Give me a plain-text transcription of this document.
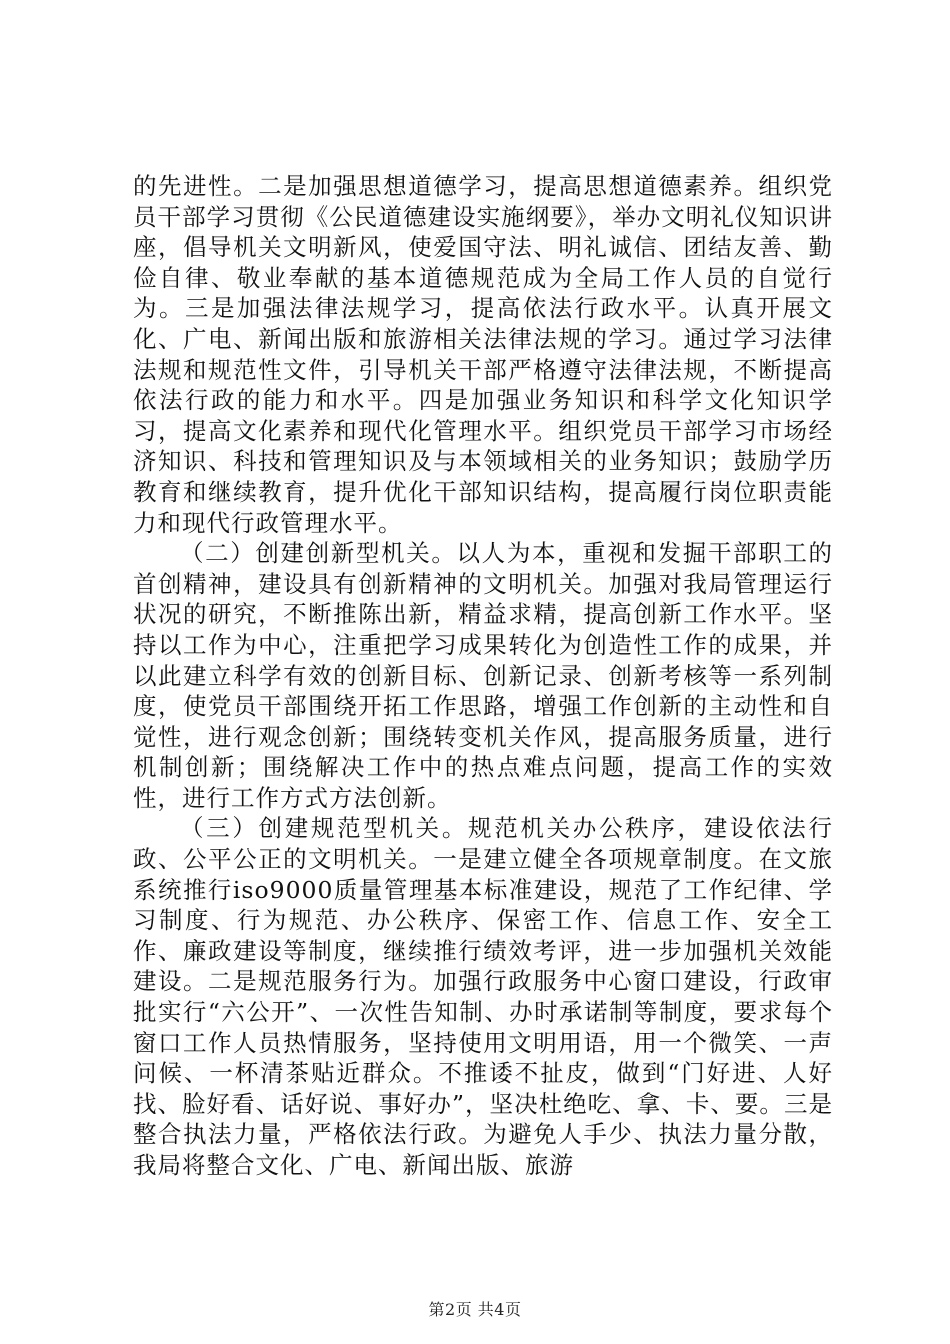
的先进性。二是加强思想道德学习，提高思想道德素养。组织党员干部学习贯彻《公民道德建设实施纲要》，举办文明礼仪知识讲座，倡导机关文明新风，使爱国守法、明礼诚信、团结友善、勤俭自律、敬业奉献的基本道德规范成为全局工作人员的自觉行为。三是加强法律法规学习，提高依法行政水平。认真开展文化、广电、新闻出版和旅游相关法律法规的学习。通过学习法律法规和规范性文件，引导机关干部严格遵守法律法规，不断提高依法行政的能力和水平。四是加强业务知识和科学文化知识学习，提高文化素养和现代化管理水平。组织党员干部学习市场经济知识、科技和管理知识及与本领域相关的业务知识；鼓励学历教育和继续教育，提升优化干部知识结构，提高履行岗位职责能力和现代行政管理水平。

（二）创建创新型机关。以人为本，重视和发掘干部职工的首创精神，建设具有创新精神的文明机关。加强对我局管理运行状况的研究，不断推陈出新，精益求精，提高创新工作水平。坚持以工作为中心，注重把学习成果转化为创造性工作的成果，并以此建立科学有效的创新目标、创新记录、创新考核等一系列制度，使党员干部围绕开拓工作思路，增强工作创新的主动性和自觉性，进行观念创新；围绕转变机关作风，提高服务质量，进行机制创新；围绕解决工作中的热点难点问题，提高工作的实效性，进行工作方式方法创新。

（三）创建规范型机关。规范机关办公秩序，建设依法行政、公平公正的文明机关。一是建立健全各项规章制度。在文旅系统推行iso9000质量管理基本标准建设，规范了工作纪律、学习制度、行为规范、办公秩序、保密工作、信息工作、安全工作、廉政建设等制度，继续推行绩效考评，进一步加强机关效能建设。二是规范服务行为。加强行政服务中心窗口建设，行政审批实行“六公开”、一次性告知制、办时承诺制等制度，要求每个窗口工作人员热情服务，坚持使用文明用语，用一个微笑、一声问候、一杯清茶贴近群众。不推诿不扯皮，做到“门好进、人好找、脸好看、话好说、事好办”，坚决杜绝吃、拿、卡、要。三是整合执法力量，严格依法行政。为避免人手少、执法力量分散，我局将整合文化、广电、新闻出版、旅游

第2页 共4页
